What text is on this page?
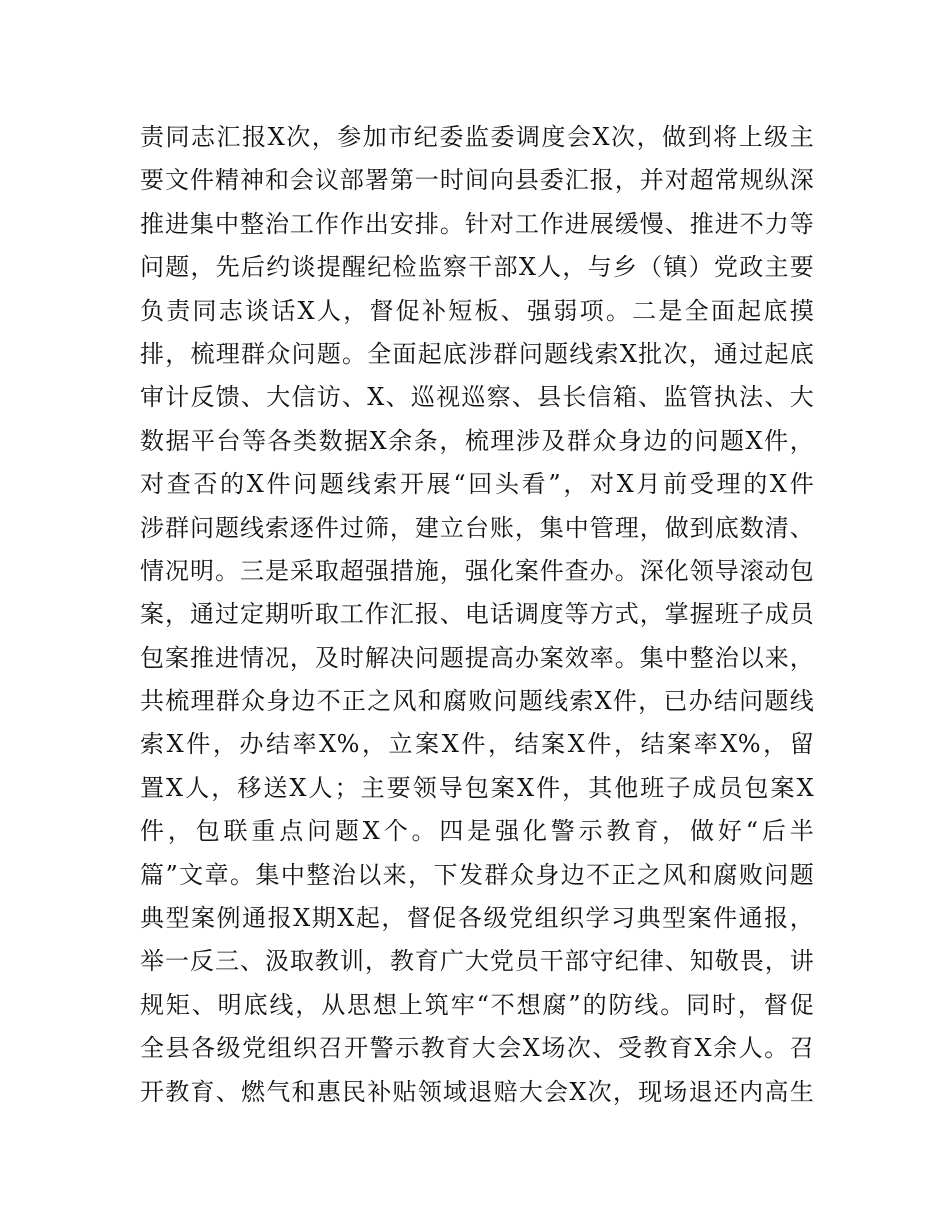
责同志汇报X次，参加市纪委监委调度会X次，做到将上级主
要文件精神和会议部署第一时间向县委汇报，并对超常规纵深
推进集中整治工作作出安排。针对工作进展缓慢、推进不力等
问题，先后约谈提醒纪检监察干部X人，与乡（镇）党政主要
负责同志谈话X人，督促补短板、强弱项。二是全面起底摸
排，梳理群众问题。全面起底涉群问题线索X批次，通过起底
审计反馈、大信访、X、巡视巡察、县长信箱、监管执法、大
数据平台等各类数据X余条，梳理涉及群众身边的问题X件，
对查否的X件问题线索开展“回头看”，对X月前受理的X件
涉群问题线索逐件过筛，建立台账，集中管理，做到底数清、
情况明。三是采取超强措施，强化案件查办。深化领导滚动包
案，通过定期听取工作汇报、电话调度等方式，掌握班子成员
包案推进情况，及时解决问题提高办案效率。集中整治以来，
共梳理群众身边不正之风和腐败问题线索X件，已办结问题线
索X件，办结率X%，立案X件，结案X件，结案率X%，留
置X人，移送X人；主要领导包案X件，其他班子成员包案X
件，包联重点问题X个。四是强化警示教育，做好“后半
篇”文章。集中整治以来，下发群众身边不正之风和腐败问题
典型案例通报X期X起，督促各级党组织学习典型案件通报，
举一反三、汲取教训，教育广大党员干部守纪律、知敬畏，讲
规矩、明底线，从思想上筑牢“不想腐”的防线。同时，督促
全县各级党组织召开警示教育大会X场次、受教育X余人。召
开教育、燃气和惠民补贴领域退赔大会X次，现场退还内高生
